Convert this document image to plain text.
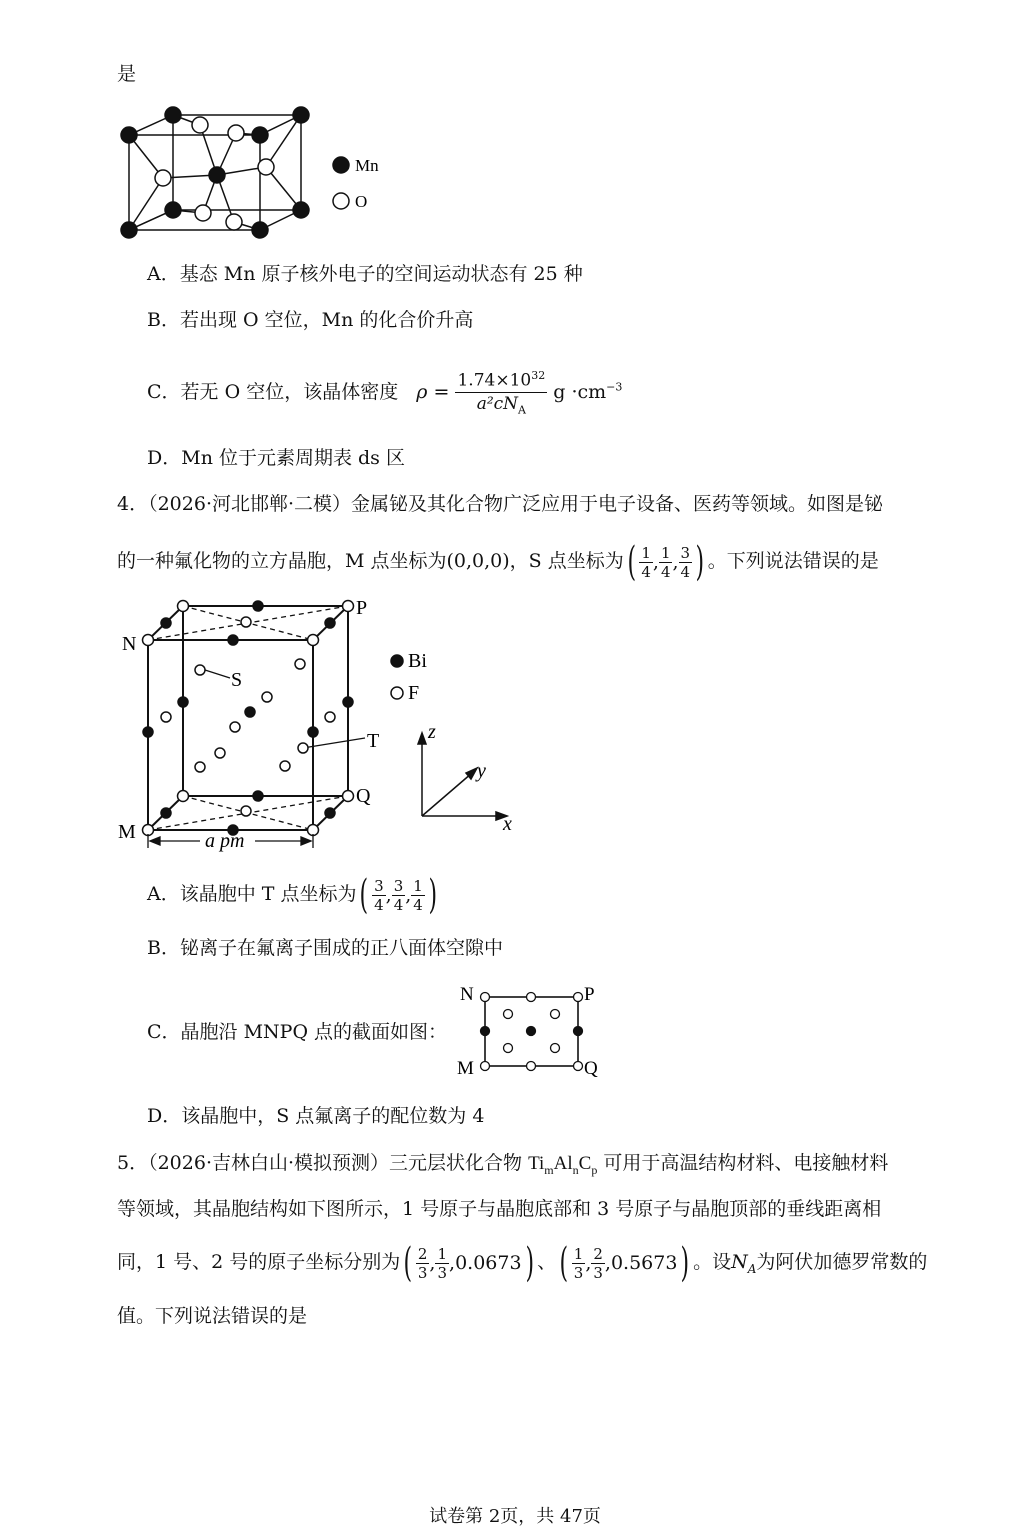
是
Mn
O
A．基态 Mn 原子核外电子的空间运动状态有 25 种
B．若出现 O 空位，Mn 的化合价升高
C．若无 O 空位，该晶体密度 $\rho = \frac{1.74\times 10^{32}}{a^2cN_A}$ $g \cdot cm^{-3}$
D．Mn 位于元素周期表 ds 区
4．（2026·河北邯郸·二模）金属铋及其化合物广泛应用于电子设备、医药等领域。如图是铋
的一种氟化物的立方晶胞，M 点坐标为(0,0,0)，S 点坐标为 ( $\frac{1}{4}$ , $\frac{1}{4}$ , $\frac{3}{4}$ ) 。下列说法错误的是
N
P
M
Q
S
T
Bi
F
a pm
x
y
z
A．该晶胞中 T 点坐标为 ( $\frac{3}{4}$ , $\frac{3}{4}$ , $\frac{1}{4}$ )
B．铋离子在氟离子围成的正八面体空隙中
C．晶胞沿 MNPQ 点的截面如图：
N	P
M	Q
D．该晶胞中，S 点氟离子的配位数为 4
5．（2026·吉林白山·模拟预测）三元层状化合物 $Ti_mAl_nC_p$ 可用于高温结构材料、电接触材料
等领域，其晶胞结构如下图所示，1 号原子与晶胞底部和 3 号原子与晶胞顶部的垂线距离相
同，1 号、2 号的原子坐标分别为 ( $\frac{2}{3}$ , $\frac{1}{3}$ , 0.0673 ) 、 ( $\frac{1}{3}$ , $\frac{2}{3}$ , 0.5673 ) 。设$N_A$为阿伏加德罗常数的
值。下列说法错误的是
试卷第 2页，共 47页
